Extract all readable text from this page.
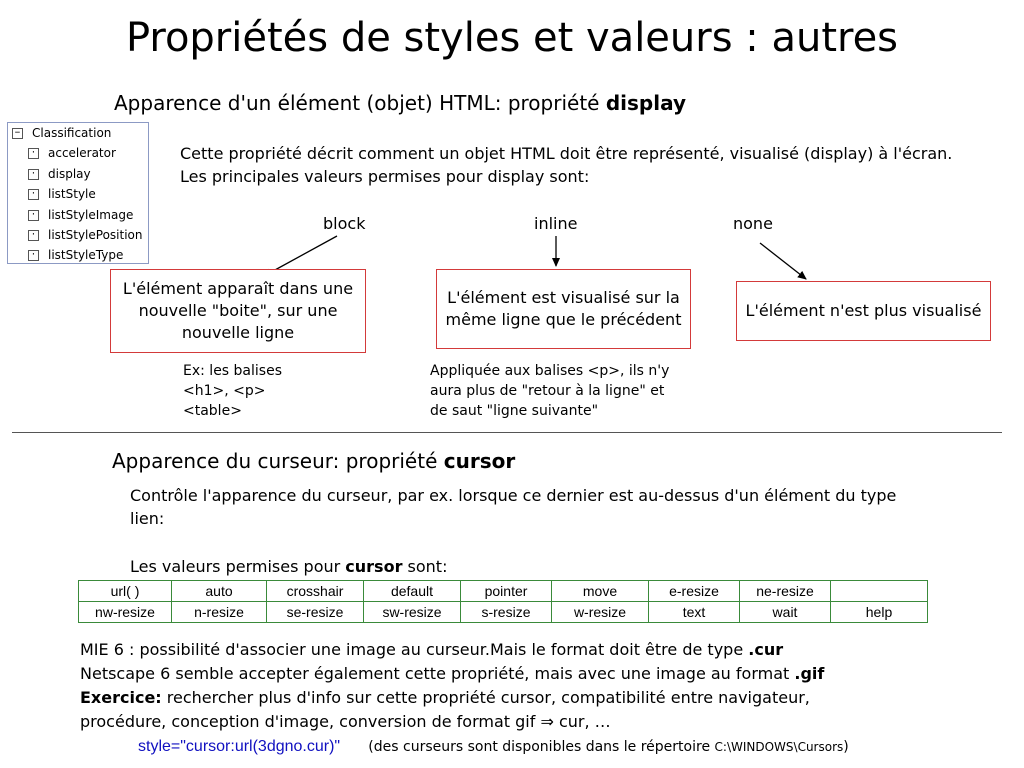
Propriétés de styles et valeurs : autres
Apparence d'un élément (objet) HTML: propriété display
− Classification
· accelerator
· display
· listStyle
· listStyleImage
· listStylePosition
· listStyleType
Cette propriété décrit comment un objet HTML doit être représenté, visualisé (display) à l'écran.
Les principales valeurs permises pour display sont:
block	inline	none
L'élément apparaît dans une nouvelle "boite", sur une nouvelle ligne
L'élément est visualisé sur la même ligne que le précédent	L'élément n'est plus visualisé
Ex: les balises
<h1>, <p>
<table>
Appliquée aux balises <p>, ils n'y
aura plus de "retour à la ligne" et
de saut "ligne suivante"
Apparence du curseur: propriété cursor
Contrôle l'apparence du curseur, par ex. lorsque ce dernier est au-dessus d'un élément du type lien:
Les valeurs permises pour cursor sont:
url( )	auto	crosshair	default	pointer	move	e-resize	ne-resize	
nw-resize	n-resize	se-resize	sw-resize	s-resize	w-resize	text	wait	help
MIE 6 : possibilité d'associer une image au curseur.Mais le format doit être de type .cur
Netscape 6 semble accepter également cette propriété, mais avec une image au format .gif
Exercice: rechercher plus d'info sur cette propriété cursor, compatibilité entre navigateur,
procédure, conception d'image, conversion de format gif ⇒ cur, …
style="cursor:url(3dgno.cur)" (des curseurs sont disponibles dans le répertoire C:\WINDOWS\Cursors)
